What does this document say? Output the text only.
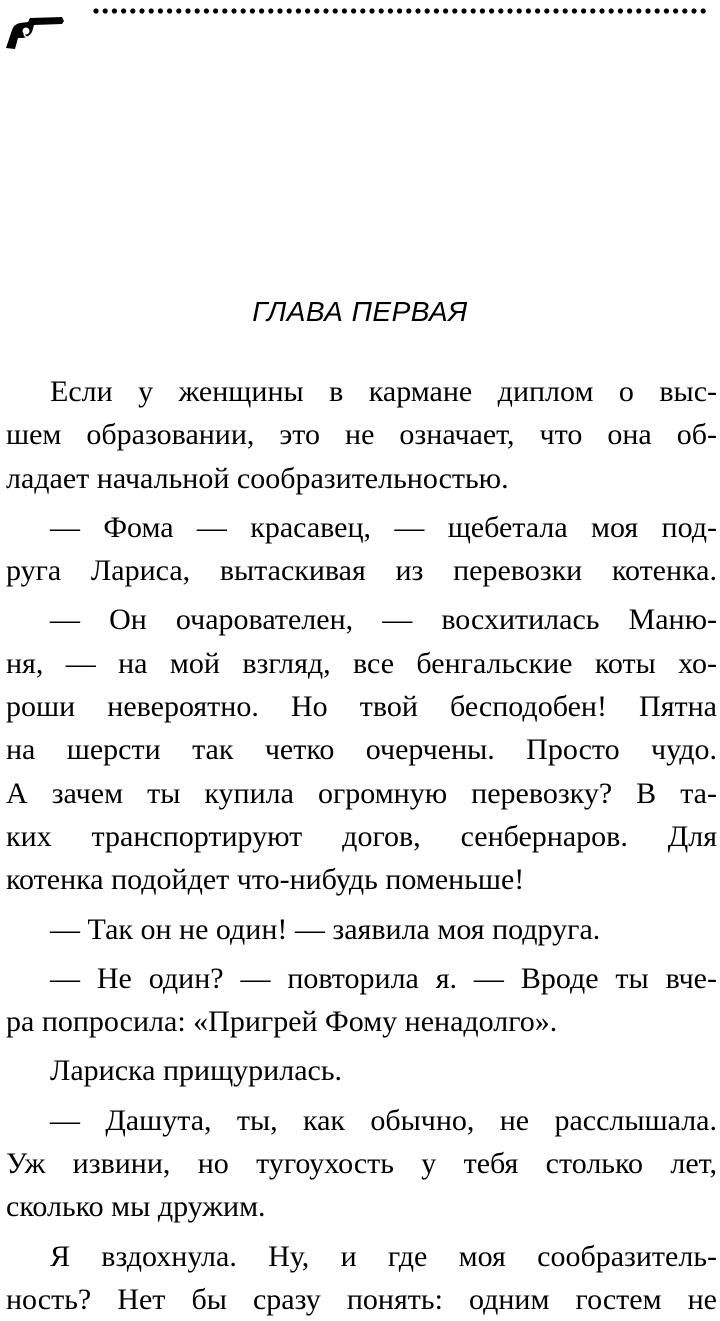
ГЛАВА ПЕРВАЯ
Если у женщины в кармане диплом о выс-
шем образовании, это не означает, что она об-
ладает начальной сообразительностью.
— Фома — красавец, — щебетала моя под-
руга Лариса, вытаскивая из перевозки котенка.
— Он очарователен, — восхитилась Маню-
ня, — на мой взгляд, все бенгальские коты хо-
роши невероятно. Но твой бесподобен! Пятна
на шерсти так четко очерчены. Просто чудо.
А зачем ты купила огромную перевозку? В та-
ких транспортируют догов, сенбернаров. Для
котенка подойдет что-нибудь поменьше!
— Так он не один! — заявила моя подруга.
— Не один? — повторила я. — Вроде ты вче-
ра попросила: «Пригрей Фому ненадолго».
Лариска прищурилась.
— Дашута, ты, как обычно, не расслышала.
Уж извини, но тугоухость у тебя столько лет,
сколько мы дружим.
Я вздохнула. Ну, и где моя сообразитель-
ность? Нет бы сразу понять: одним гостем не
